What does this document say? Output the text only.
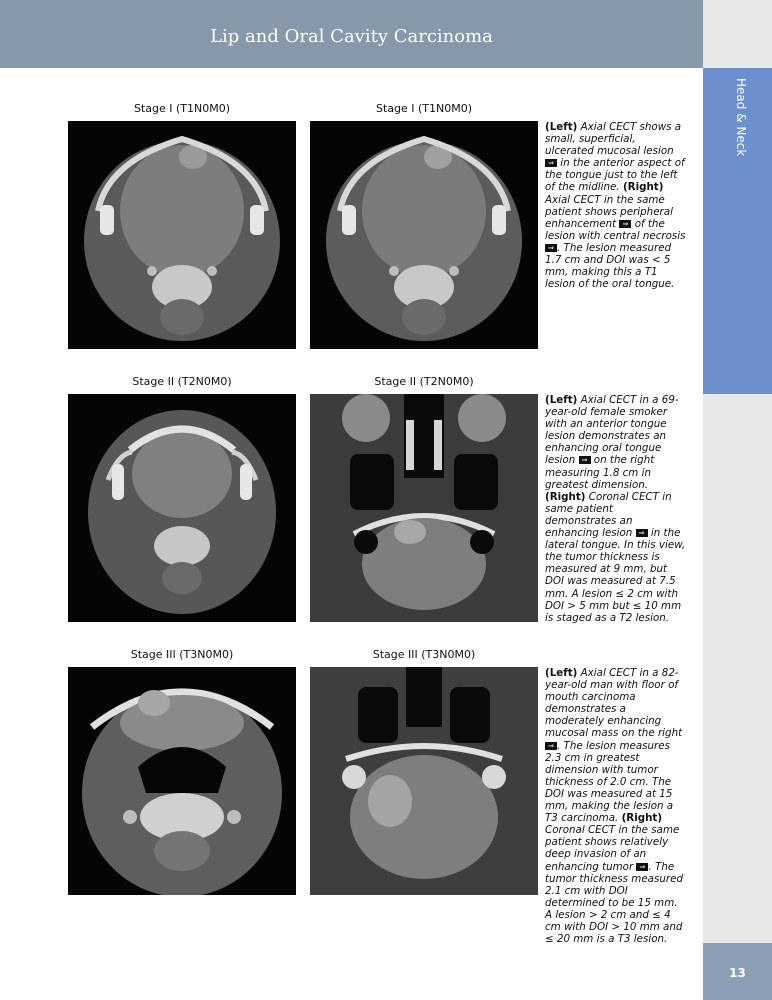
Lip and Oral Cavity Carcinoma
Head & Neck
13
Stage I (T1N0M0)	Stage I (T1N0M0)
(Left) Axial CECT shows a small, superficial, ulcerated mucosal lesion ⇒ in the anterior aspect of the tongue just to the left of the midline. (Right) Axial CECT in the same patient shows peripheral enhancement ⇒ of the lesion with central necrosis ⇒ . The lesion measured 1.7 cm and DOI was < 5 mm, making this a T1 lesion of the oral tongue.
Stage II (T2N0M0)	Stage II (T2N0M0)
(Left) Axial CECT in a 69-year-old female smoker with an anterior tongue lesion demonstrates an enhancing oral tongue lesion ⇒ on the right measuring 1.8 cm in greatest dimension. (Right) Coronal CECT in same patient demonstrates an enhancing lesion ⇒ in the lateral tongue. In this view, the tumor thickness is measured at 9 mm, but DOI was measured at 7.5 mm. A lesion ≤ 2 cm with DOI > 5 mm but ≤ 10 mm is staged as a T2 lesion.
Stage III (T3N0M0)	Stage III (T3N0M0)
(Left) Axial CECT in a 82-year-old man with floor of mouth carcinoma demonstrates a moderately enhancing mucosal mass on the right ⇒ . The lesion measures 2.3 cm in greatest dimension with tumor thickness of 2.0 cm. The DOI was measured at 15 mm, making the lesion a T3 carcinoma. (Right) Coronal CECT in the same patient shows relatively deep invasion of an enhancing tumor ⇒ . The tumor thickness measured 2.1 cm with DOI determined to be 15 mm. A lesion > 2 cm and ≤ 4 cm with DOI > 10 mm and ≤ 20 mm is a T3 lesion.
